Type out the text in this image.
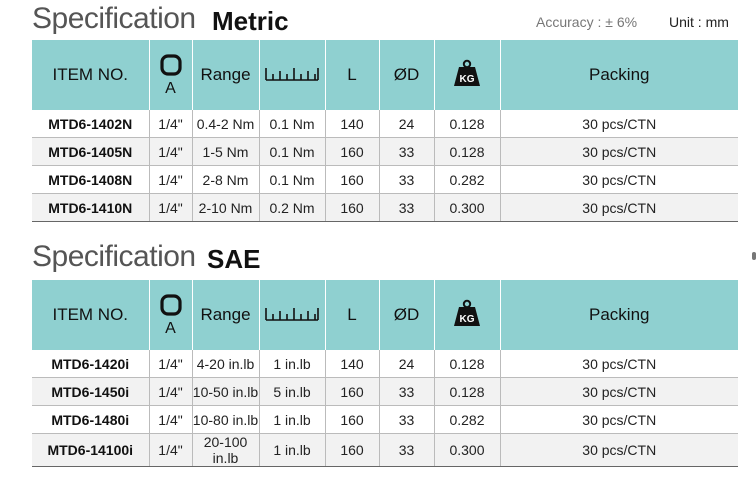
Specification Metric	Accuracy : ± 6% Unit : mm
ITEM NO.	A	Range		L	ØD	KG	Packing
MTD6-1402N	1/4"	0.4-2 Nm	0.1 Nm	140	24	0.128	30 pcs/CTN
MTD6-1405N	1/4"	1-5 Nm	0.1 Nm	160	33	0.128	30 pcs/CTN
MTD6-1408N	1/4"	2-8 Nm	0.1 Nm	160	33	0.282	30 pcs/CTN
MTD6-1410N	1/4"	2-10 Nm	0.2 Nm	160	33	0.300	30 pcs/CTN
Specification SAE
ITEM NO.	A	Range		L	ØD	KG	Packing
MTD6-1420i	1/4"	4-20 in.lb	1 in.lb	140	24	0.128	30 pcs/CTN
MTD6-1450i	1/4"	10-50 in.lb	5 in.lb	160	33	0.128	30 pcs/CTN
MTD6-1480i	1/4"	10-80 in.lb	1 in.lb	160	33	0.282	30 pcs/CTN
MTD6-14100i	1/4"	20-100 in.lb	1 in.lb	160	33	0.300	30 pcs/CTN
